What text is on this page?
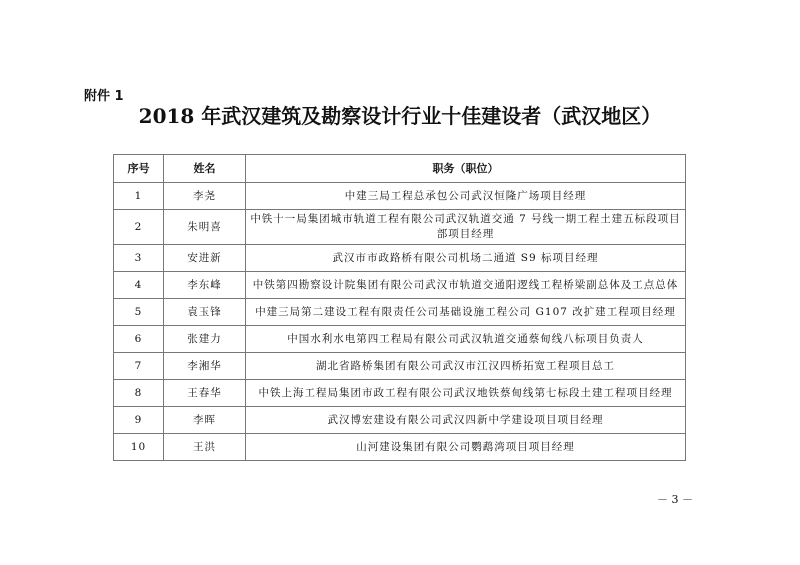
附件 1
2018 年武汉建筑及勘察设计行业十佳建设者（武汉地区）
序号	姓名	职务（职位）
1	李尧	中建三局工程总承包公司武汉恒隆广场项目经理
2	朱明喜	中铁十一局集团城市轨道工程有限公司武汉轨道交通 7 号线一期工程土建五标段项目部项目经理
3	安进新	武汉市市政路桥有限公司机场二通道 S9 标项目经理
4	李东峰	中铁第四勘察设计院集团有限公司武汉市轨道交通阳逻线工程桥梁副总体及工点总体
5	袁玉锋	中建三局第二建设工程有限责任公司基础设施工程公司 G107 改扩建工程项目经理
6	张建力	中国水利水电第四工程局有限公司武汉轨道交通蔡甸线八标项目负责人
7	李湘华	湖北省路桥集团有限公司武汉市江汉四桥拓宽工程项目总工
8	王春华	中铁上海工程局集团市政工程有限公司武汉地铁蔡甸线第七标段土建工程项目经理
9	李晖	武汉博宏建设有限公司武汉四新中学建设项目项目经理
10	王洪	山河建设集团有限公司鹦鹉湾项目项目经理
－ 3 －
